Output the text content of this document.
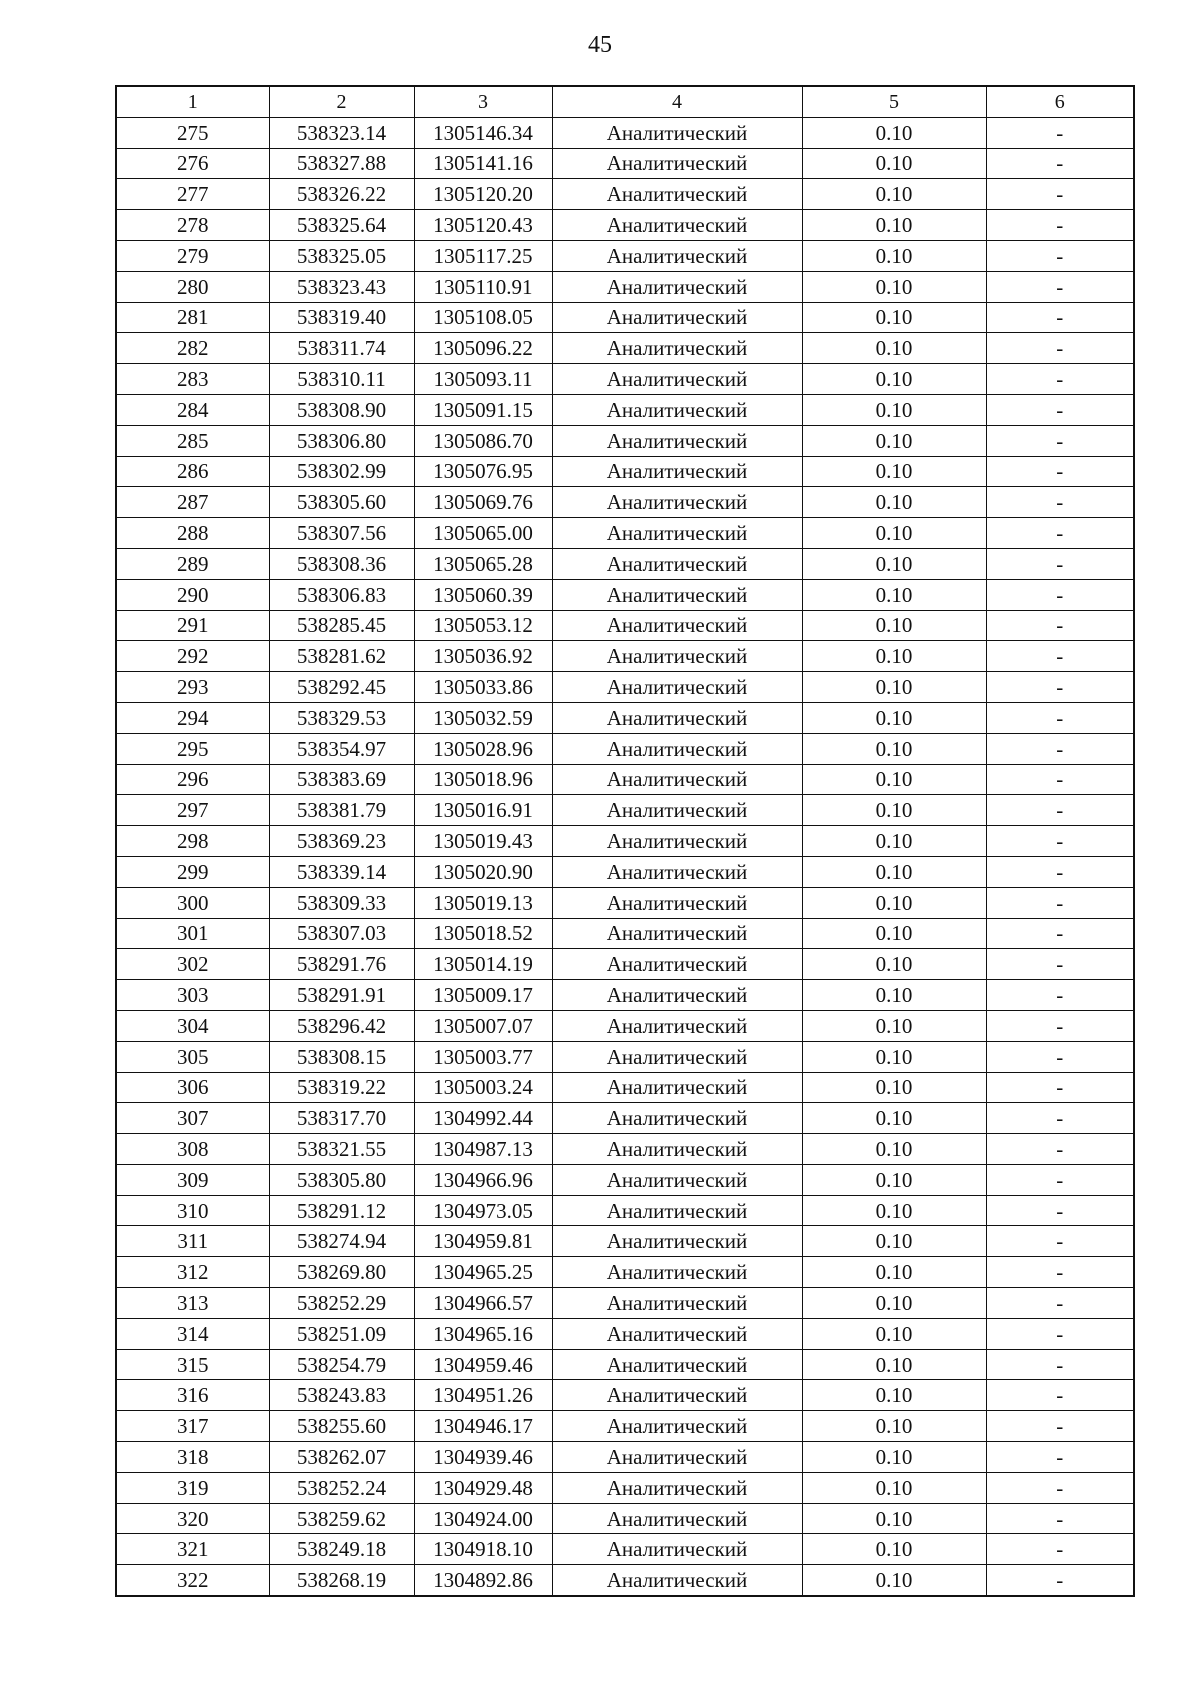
45
1	2	3	4	5	6
275	538323.14	1305146.34	Аналитический	0.10	-
276	538327.88	1305141.16	Аналитический	0.10	-
277	538326.22	1305120.20	Аналитический	0.10	-
278	538325.64	1305120.43	Аналитический	0.10	-
279	538325.05	1305117.25	Аналитический	0.10	-
280	538323.43	1305110.91	Аналитический	0.10	-
281	538319.40	1305108.05	Аналитический	0.10	-
282	538311.74	1305096.22	Аналитический	0.10	-
283	538310.11	1305093.11	Аналитический	0.10	-
284	538308.90	1305091.15	Аналитический	0.10	-
285	538306.80	1305086.70	Аналитический	0.10	-
286	538302.99	1305076.95	Аналитический	0.10	-
287	538305.60	1305069.76	Аналитический	0.10	-
288	538307.56	1305065.00	Аналитический	0.10	-
289	538308.36	1305065.28	Аналитический	0.10	-
290	538306.83	1305060.39	Аналитический	0.10	-
291	538285.45	1305053.12	Аналитический	0.10	-
292	538281.62	1305036.92	Аналитический	0.10	-
293	538292.45	1305033.86	Аналитический	0.10	-
294	538329.53	1305032.59	Аналитический	0.10	-
295	538354.97	1305028.96	Аналитический	0.10	-
296	538383.69	1305018.96	Аналитический	0.10	-
297	538381.79	1305016.91	Аналитический	0.10	-
298	538369.23	1305019.43	Аналитический	0.10	-
299	538339.14	1305020.90	Аналитический	0.10	-
300	538309.33	1305019.13	Аналитический	0.10	-
301	538307.03	1305018.52	Аналитический	0.10	-
302	538291.76	1305014.19	Аналитический	0.10	-
303	538291.91	1305009.17	Аналитический	0.10	-
304	538296.42	1305007.07	Аналитический	0.10	-
305	538308.15	1305003.77	Аналитический	0.10	-
306	538319.22	1305003.24	Аналитический	0.10	-
307	538317.70	1304992.44	Аналитический	0.10	-
308	538321.55	1304987.13	Аналитический	0.10	-
309	538305.80	1304966.96	Аналитический	0.10	-
310	538291.12	1304973.05	Аналитический	0.10	-
311	538274.94	1304959.81	Аналитический	0.10	-
312	538269.80	1304965.25	Аналитический	0.10	-
313	538252.29	1304966.57	Аналитический	0.10	-
314	538251.09	1304965.16	Аналитический	0.10	-
315	538254.79	1304959.46	Аналитический	0.10	-
316	538243.83	1304951.26	Аналитический	0.10	-
317	538255.60	1304946.17	Аналитический	0.10	-
318	538262.07	1304939.46	Аналитический	0.10	-
319	538252.24	1304929.48	Аналитический	0.10	-
320	538259.62	1304924.00	Аналитический	0.10	-
321	538249.18	1304918.10	Аналитический	0.10	-
322	538268.19	1304892.86	Аналитический	0.10	-
